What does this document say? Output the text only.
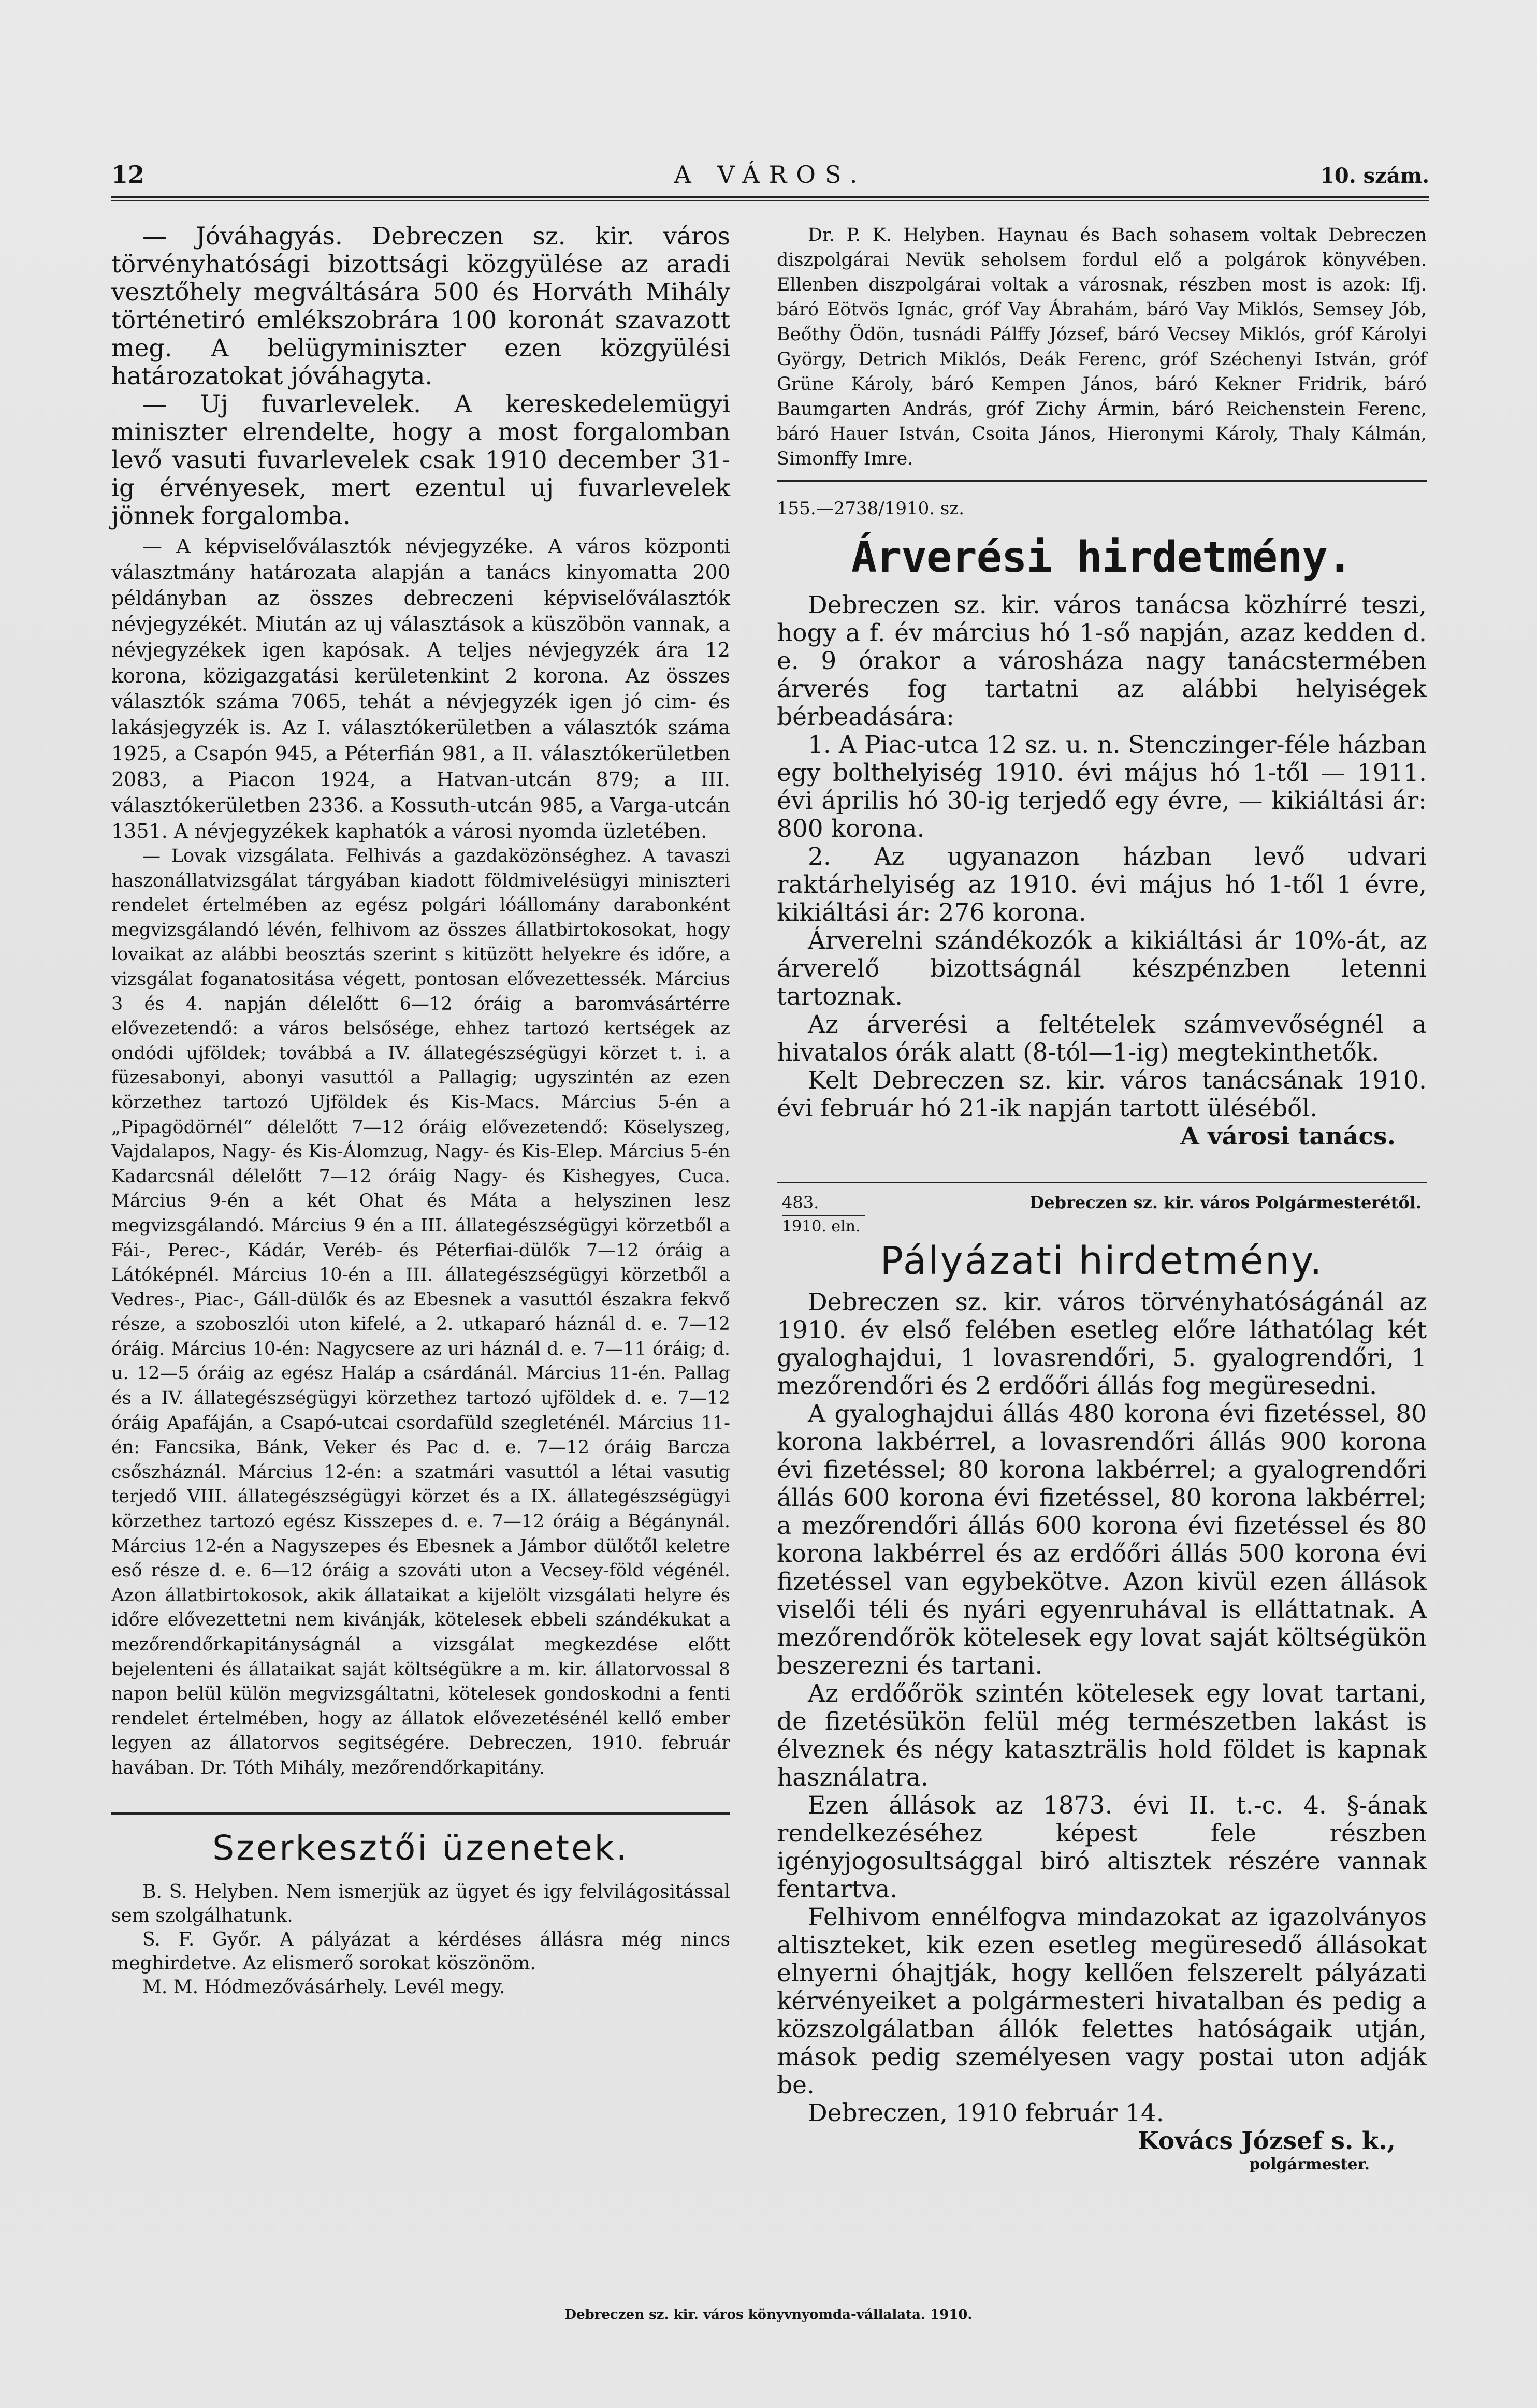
12	A VÁROS.	10. szám.

— Jóváhagyás. Debreczen sz. kir. város törvényhatósági bizottsági közgyülése az aradi vesztőhely megváltására 500 és Horváth Mihály történetiró emlékszobrára 100 koronát szavazott meg. A belügyminiszter ezen közgyülési határozatokat jóváhagyta.

— Uj fuvarlevelek. A kereskedelemügyi miniszter elrendelte, hogy a most forgalomban levő vasuti fuvarlevelek csak 1910 december 31-ig érvényesek, mert ezentul uj fuvarlevelek jönnek forgalomba.

— A képviselőválasztók névjegyzéke. A város központi választmány határozata alapján a tanács kinyomatta 200 példányban az összes debreczeni képviselőválasztók névjegyzékét. Miután az uj választások a küszöbön vannak, a névjegyzékek igen kapósak. A teljes névjegyzék ára 12 korona, közigazgatási kerületenkint 2 korona. Az összes választók száma 7065, tehát a névjegyzék igen jó cim- és lakásjegyzék is. Az I. választókerületben a választók száma 1925, a Csapón 945, a Péterfián 981, a II. választókerületben 2083, a Piacon 1924, a Hatvan-utcán 879; a III. választókerületben 2336. a Kossuth-utcán 985, a Varga-utcán 1351. A névjegyzékek kaphatók a városi nyomda üzletében.

— Lovak vizsgálata. Felhivás a gazdaközönséghez. A tavaszi haszonállatvizsgálat tárgyában kiadott földmivelésügyi miniszteri rendelet értelmében az egész polgári lóállomány darabonként megvizsgálandó lévén, felhivom az összes állatbirtokosokat, hogy lovaikat az alábbi beosztás szerint s kitüzött helyekre és időre, a vizsgálat foganatositása végett, pontosan elővezettessék. Március 3 és 4. napján délelőtt 6—12 óráig a baromvásártérre elővezetendő: a város belsősége, ehhez tartozó kertségek az ondódi ujföldek; továbbá a IV. állategészségügyi körzet t. i. a füzesabonyi, abonyi vasuttól a Pallagig; ugyszintén az ezen körzethez tartozó Ujföldek és Kis-Macs. Március 5-én a „Pipagödörnél“ délelőtt 7—12 óráig elővezetendő: Köselyszeg, Vajdalapos, Nagy- és Kis-Álomzug, Nagy- és Kis-Elep. Március 5-én Kadarcsnál délelőtt 7—12 óráig Nagy- és Kishegyes, Cuca. Március 9-én a két Ohat és Máta a helyszinen lesz megvizsgálandó. Március 9 én a III. állategészségügyi körzetből a Fái-, Perec-, Kádár, Veréb- és Péterfiai-dülők 7—12 óráig a Látóképnél. Március 10-én a III. állategészségügyi körzetből a Vedres-, Piac-, Gáll-dülők és az Ebesnek a vasuttól északra fekvő része, a szoboszlói uton kifelé, a 2. utkaparó háznál d. e. 7—12 óráig. Március 10-én: Nagycsere az uri háznál d. e. 7—11 óráig; d. u. 12—5 óráig az egész Haláp a csárdánál. Március 11-én. Pallag és a IV. állategészségügyi körzethez tartozó ujföldek d. e. 7—12 óráig Apafáján, a Csapó-utcai csordafüld szegleténél. Március 11-én: Fancsika, Bánk, Veker és Pac d. e. 7—12 óráig Barcza csőszháznál. Március 12-én: a szatmári vasuttól a létai vasutig terjedő VIII. állategészségügyi körzet és a IX. állategészségügyi körzethez tartozó egész Kisszepes d. e. 7—12 óráig a Bégánynál. Március 12-én a Nagyszepes és Ebesnek a Jámbor dülőtől keletre eső része d. e. 6—12 óráig a szováti uton a Vecsey-föld végénél. Azon állatbirtokosok, akik állataikat a kijelölt vizsgálati helyre és időre elővezettetni nem kivánják, kötelesek ebbeli szándékukat a mezőrendőrkapitányságnál a vizsgálat megkezdése előtt bejelenteni és állataikat saját költségükre a m. kir. állatorvossal 8 napon belül külön megvizsgáltatni, kötelesek gondoskodni a fenti rendelet értelmében, hogy az állatok elővezetésénél kellő ember legyen az állatorvos segitségére. Debreczen, 1910. február havában. Dr. Tóth Mihály, mezőrendőrkapitány.

Szerkesztői üzenetek.

B. S. Helyben. Nem ismerjük az ügyet és igy felvilágositással sem szolgálhatunk.

S. F. Győr. A pályázat a kérdéses állásra még nincs meghirdetve. Az elismerő sorokat köszönöm.

M. M. Hódmezővásárhely. Levél megy.

Dr. P. K. Helyben. Haynau és Bach sohasem voltak Debreczen diszpolgárai Nevük seholsem fordul elő a polgárok könyvében. Ellenben diszpolgárai voltak a városnak, részben most is azok: Ifj. báró Eötvös Ignác, gróf Vay Ábrahám, báró Vay Miklós, Semsey Jób, Beőthy Ödön, tusnádi Pálffy József, báró Vecsey Miklós, gróf Károlyi György, Detrich Miklós, Deák Ferenc, gróf Széchenyi István, gróf Grüne Károly, báró Kempen János, báró Kekner Fridrik, báró Baumgarten András, gróf Zichy Ármin, báró Reichenstein Ferenc, báró Hauer István, Csoita János, Hieronymi Károly, Thaly Kálmán, Simonffy Imre.

155.—2738/1910. sz.
Árverési hirdetmény.

Debreczen sz. kir. város tanácsa közhírré teszi, hogy a f. év március hó 1-ső napján, azaz kedden d. e. 9 órakor a városháza nagy tanácstermében árverés fog tartatni az alábbi helyiségek bérbeadására:

1. A Piac-utca 12 sz. u. n. Stenczinger-féle házban egy bolthelyiség 1910. évi május hó 1-től — 1911. évi április hó 30-ig terjedő egy évre, — kikiáltási ár: 800 korona.

2. Az ugyanazon házban levő udvari raktárhelyiség az 1910. évi május hó 1-től 1 évre, kikiáltási ár: 276 korona.

Árverelni szándékozók a kikiáltási ár 10%-át, az árverelő bizottságnál készpénzben letenni tartoznak.

Az árverési a feltételek számvevőségnél a hivatalos órák alatt (8-tól—1-ig) megtekinthetők.

Kelt Debreczen sz. kir. város tanácsának 1910. évi február hó 21-ik napján tartott üléséből.

A városi tanács.
483.	Debreczen sz. kir. város Polgármesterétől.
1910. eln.
Pályázati hirdetmény.

Debreczen sz. kir. város törvényhatóságánál az 1910. év első felében esetleg előre láthatólag két gyaloghajdui, 1 lovasrendőri, 5. gyalogrendőri, 1 mezőrendőri és 2 erdőőri állás fog megüresedni.

A gyaloghajdui állás 480 korona évi fizetéssel, 80 korona lakbérrel, a lovasrendőri állás 900 korona évi fizetéssel; 80 korona lakbérrel; a gyalogrendőri állás 600 korona évi fizetéssel, 80 korona lakbérrel; a mezőrendőri állás 600 korona évi fizetéssel és 80 korona lakbérrel és az erdőőri állás 500 korona évi fizetéssel van egybekötve. Azon kivül ezen állások viselői téli és nyári egyenruhával is elláttatnak. A mezőrendőrök kötelesek egy lovat saját költségükön beszerezni és tartani.

Az erdőőrök szintén kötelesek egy lovat tartani, de fizetésükön felül még természetben lakást is élveznek és négy kataszträlis hold földet is kapnak használatra.

Ezen állások az 1873. évi II. t.-c. 4. §-ának rendelkezéséhez képest fele részben igényjogosultsággal biró altisztek részére vannak fentartva.

Felhivom ennélfogva mindazokat az igazolványos altiszteket, kik ezen esetleg megüresedő állásokat elnyerni óhajtják, hogy kellően felszerelt pályázati kérvényeiket a polgármesteri hivatalban és pedig a közszolgálatban állók felettes hatóságaik utján, mások pedig személyesen vagy postai uton adják be.

Debreczen, 1910 február 14.

Kovács József s. k.,
polgármester.
Debreczen sz. kir. város könyvnyomda-vállalata. 1910.
